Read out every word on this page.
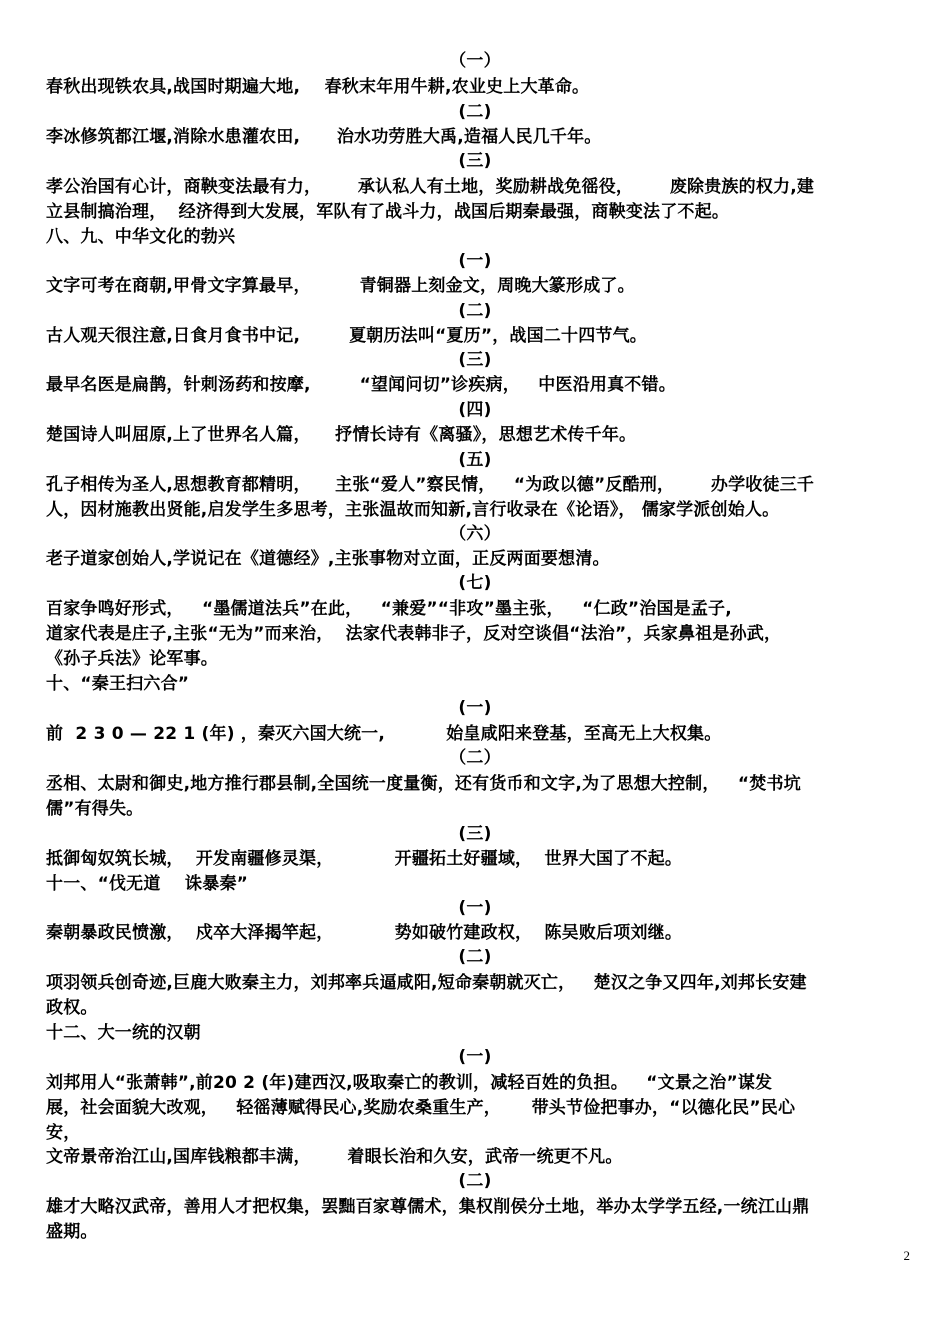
（一）
春秋出现铁农具,战国时期遍大地,    春秋末年用牛耕,农业史上大革命。
(二)
李冰修筑都江堰,消除水患灌农田,      治水功劳胜大禹,造福人民几千年。
(三)
孝公治国有心计，商鞅变法最有力，      承认私人有土地，奖励耕战免徭役，      废除贵族的权力,建
立县制搞治理，  经济得到大发展，军队有了战斗力，战国后期秦最强，商鞅变法了不起。
八、九、中华文化的勃兴
(一)
文字可考在商朝,甲骨文字算最早，        青铜器上刻金文，周晚大篆形成了。
(二)
古人观天很注意,日食月食书中记,        夏朝历法叫“夏历”，战国二十四节气。
(三)
最早名医是扁鹊，针刺汤药和按摩,        “望闻问切”诊疾病，   中医沿用真不错。
(四)
楚国诗人叫屈原,上了世界名人篇，    抒情长诗有《离骚》，思想艺术传千年。
(五)
孔子相传为圣人,思想教育都精明，    主张“爱人”察民情，   “为政以德”反酷刑，      办学收徒三千
人，因材施教出贤能,启发学生多思考，主张温故而知新,言行收录在《论语》， 儒家学派创始人。
（六）
老子道家创始人,学说记在《道德经》,主张事物对立面，正反两面要想清。
(七)
百家争鸣好形式，   “墨儒道法兵”在此，   “兼爱”“非攻”墨主张，   “仁政”治国是孟子,
道家代表是庄子,主张“无为”而来治，  法家代表韩非子，反对空谈倡“法治”，兵家鼻祖是孙武，
《孙子兵法》论军事。
十、“秦王扫六合”
(一)
前  2 3 0 — 22 1 (年) ，秦灭六国大统一,          始皇咸阳来登基，至高无上大权集。
（二）
丞相、太尉和御史,地方推行郡县制,全国统一度量衡，还有货币和文字,为了思想大控制，   “焚书坑
儒”有得失。
(三)
抵御匈奴筑长城，  开发南疆修灵渠，          开疆拓土好疆域，  世界大国了不起。
十一、“伐无道    诛暴秦”
(一)
秦朝暴政民愤激，  戍卒大泽揭竿起，          势如破竹建政权，  陈吴败后项刘继。
(二)
项羽领兵创奇迹,巨鹿大败秦主力，刘邦率兵逼咸阳,短命秦朝就灭亡，   楚汉之争又四年,刘邦长安建
政权。
十二、大一统的汉朝
(一)
刘邦用人“张萧韩”,前20 2 (年)建西汉,吸取秦亡的教训，减轻百姓的负担。   “文景之治”谋发
展，社会面貌大改观，   轻徭薄赋得民心,奖励农桑重生产，     带头节俭把事办，“以德化民”民心
安，
文帝景帝治江山,国库钱粮都丰满，      着眼长治和久安，武帝一统更不凡。
(二)
雄才大略汉武帝，善用人才把权集，罢黜百家尊儒术，集权削侯分土地，举办太学学五经,一统江山鼎
盛期。
2
